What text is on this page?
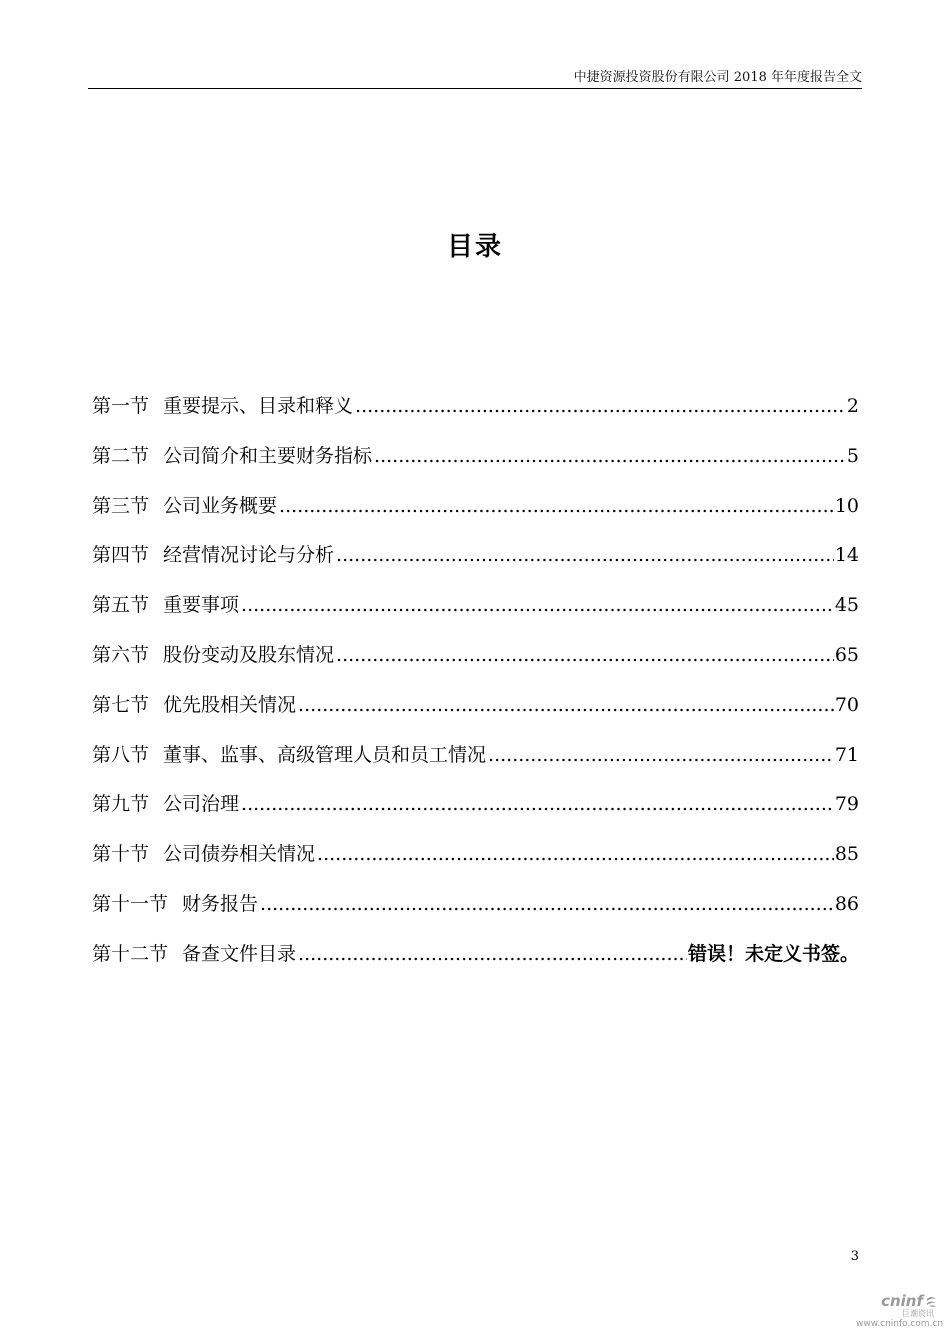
中捷资源投资股份有限公司 2018 年年度报告全文
目录
第一节 重要提示、目录和释义 .....	2
第二节 公司简介和主要财务指标 .....	5
第三节 公司业务概要 .....	10
第四节 经营情况讨论与分析 .....	14
第五节 重要事项 .....	45
第六节 股份变动及股东情况 .....	65
第七节 优先股相关情况 .....	70
第八节 董事、监事、高级管理人员和员工情况 .....	71
第九节 公司治理 .....	79
第十节 公司债券相关情况 .....	85
第十一节 财务报告 .....	86
第十二节 备查文件目录 .....	错误！未定义书签。
3
cninf
巨潮资讯
www.cninfo.com.cn
